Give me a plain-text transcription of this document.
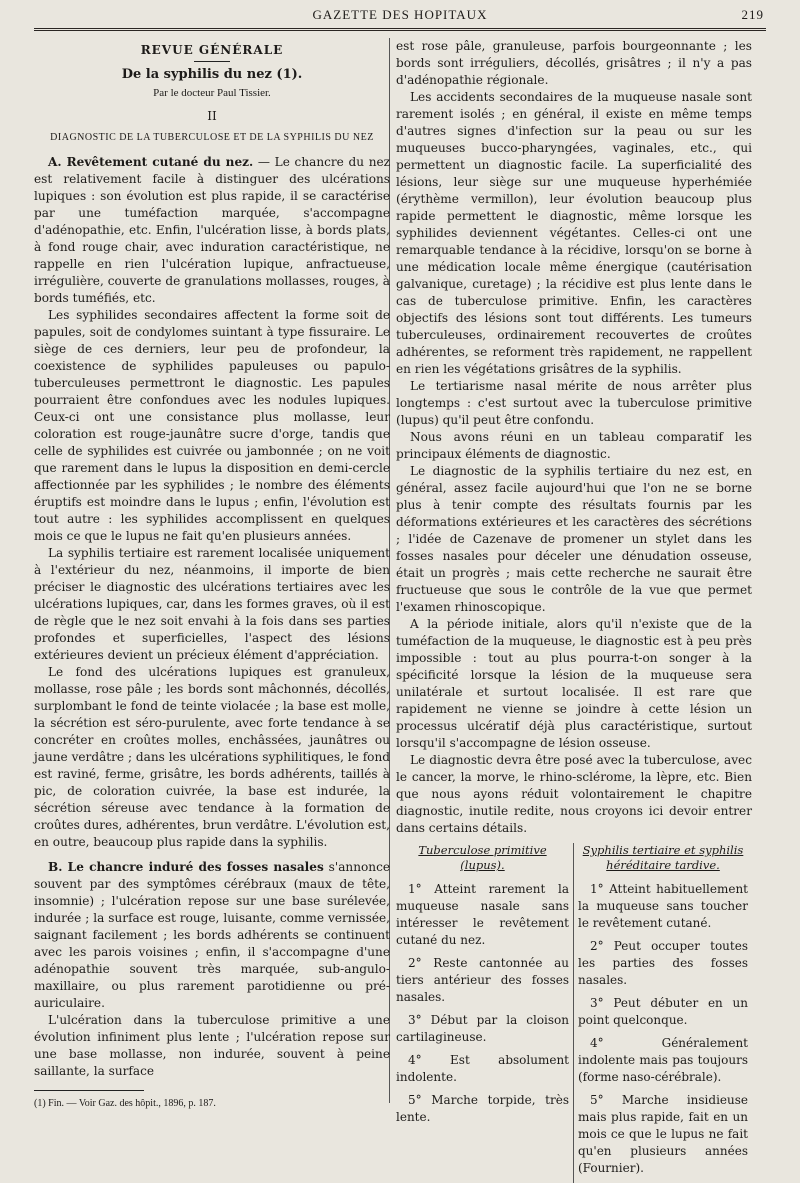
GAZETTE DES HOPITAUX	219
REVUE GÉNÉRALE
De la syphilis du nez (1).
Par le docteur Paul Tissier.
II
DIAGNOSTIC DE LA TUBERCULOSE ET DE LA SYPHILIS DU NEZ

A. Revêtement cutané du nez. — Le chancre du nez est relativement facile à distinguer des ulcérations lupiques : son évolution est plus rapide, il se caractérise par une tuméfaction marquée, s'accompagne d'adénopathie, etc. Enfin, l'ulcération lisse, à bords plats, à fond rouge chair, avec induration caractéristique, ne rappelle en rien l'ulcération lupique, anfractueuse, irrégulière, couverte de granulations mollasses, rouges, à bords tuméfiés, etc.

Les syphilides secondaires affectent la forme soit de papules, soit de condylomes suintant à type fissuraire. Le siège de ces derniers, leur peu de profondeur, la coexistence de syphilides papuleuses ou papulo-tuberculeuses permettront le diagnostic. Les papules pourraient être confondues avec les nodules lupiques. Ceux-ci ont une consistance plus mollasse, leur coloration est rouge-jaunâtre sucre d'orge, tandis que celle de syphilides est cuivrée ou jambonnée ; on ne voit que rarement dans le lupus la disposition en demi-cercle affectionnée par les syphilides ; le nombre des éléments éruptifs est moindre dans le lupus ; enfin, l'évolution est tout autre : les syphilides accomplissent en quelques mois ce que le lupus ne fait qu'en plusieurs années.

La syphilis tertiaire est rarement localisée uniquement à l'extérieur du nez, néanmoins, il importe de bien préciser le diagnostic des ulcérations tertiaires avec les ulcérations lupiques, car, dans les formes graves, où il est de règle que le nez soit envahi à la fois dans ses parties profondes et superficielles, l'aspect des lésions extérieures devient un précieux élément d'appréciation.

Le fond des ulcérations lupiques est granuleux, mollasse, rose pâle ; les bords sont mâchonnés, décollés, surplombant le fond de teinte violacée ; la base est molle, la sécrétion est séro-purulente, avec forte tendance à se concréter en croûtes molles, enchâssées, jaunâtres ou jaune verdâtre ; dans les ulcérations syphilitiques, le fond est raviné, ferme, grisâtre, les bords adhérents, taillés à pic, de coloration cuivrée, la base est indurée, la sécrétion séreuse avec tendance à la formation de croûtes dures, adhérentes, brun verdâtre. L'évolution est, en outre, beaucoup plus rapide dans la syphilis.

B. Le chancre induré des fosses nasales s'annonce souvent par des symptômes cérébraux (maux de tête, insomnie) ; l'ulcération repose sur une base surélevée, indurée ; la surface est rouge, luisante, comme vernissée, saignant facilement ; les bords adhérents se continuent avec les parois voisines ; enfin, il s'accompagne d'une adénopathie souvent très marquée, sub-angulo-maxillaire, ou plus rarement parotidienne ou pré-auriculaire.

L'ulcération dans la tuberculose primitive a une évolution infiniment plus lente ; l'ulcération repose sur une base mollasse, non indurée, souvent à peine saillante, la surface

(1) Fin. — Voir Gaz. des hôpit., 1896, p. 187.

est rose pâle, granuleuse, parfois bourgeonnante ; les bords sont irréguliers, décollés, grisâtres ; il n'y a pas d'adénopathie régionale.

Les accidents secondaires de la muqueuse nasale sont rarement isolés ; en général, il existe en même temps d'autres signes d'infection sur la peau ou sur les muqueuses bucco-pharyngées, vaginales, etc., qui permettent un diagnostic facile. La superficialité des lésions, leur siège sur une muqueuse hyperhémiée (érythème vermillon), leur évolution beaucoup plus rapide permettent le diagnostic, même lorsque les syphilides deviennent végétantes. Celles-ci ont une remarquable tendance à la récidive, lorsqu'on se borne à une médication locale même énergique (cautérisation galvanique, curetage) ; la récidive est plus lente dans le cas de tuberculose primitive. Enfin, les caractères objectifs des lésions sont tout différents. Les tumeurs tuberculeuses, ordinairement recouvertes de croûtes adhérentes, se reforment très rapidement, ne rappellent en rien les végétations grisâtres de la syphilis.

Le tertiarisme nasal mérite de nous arrêter plus longtemps : c'est surtout avec la tuberculose primitive (lupus) qu'il peut être confondu.

Nous avons réuni en un tableau comparatif les principaux éléments de diagnostic.

Le diagnostic de la syphilis tertiaire du nez est, en général, assez facile aujourd'hui que l'on ne se borne plus à tenir compte des résultats fournis par les déformations extérieures et les caractères des sécrétions ; l'idée de Cazenave de promener un stylet dans les fosses nasales pour déceler une dénudation osseuse, était un progrès ; mais cette recherche ne saurait être fructueuse que sous le contrôle de la vue que permet l'examen rhinoscopique.

A la période initiale, alors qu'il n'existe que de la tuméfaction de la muqueuse, le diagnostic est à peu près impossible : tout au plus pourra-t-on songer à la spécificité lorsque la lésion de la muqueuse sera unilatérale et surtout localisée. Il est rare que rapidement ne vienne se joindre à cette lésion un processus ulcératif déjà plus caractéristique, surtout lorsqu'il s'accompagne de lésion osseuse.

Le diagnostic devra être posé avec la tuberculose, avec le cancer, la morve, le rhino-sclérome, la lèpre, etc. Bien que nous ayons réduit volontairement le chapitre diagnostic, inutile redite, nous croyons ici devoir entrer dans certains détails.

Tuberculose primitive
(lupus).
1° Atteint rarement la muqueuse nasale sans intéresser le revêtement cutané du nez.
2° Reste cantonnée au tiers antérieur des fosses nasales.
3° Début par la cloison cartilagineuse.
4° Est absolument indolente.
5° Marche torpide, très lente.
Syphilis tertiaire et syphilis
héréditaire tardive.
1° Atteint habituellement la muqueuse sans toucher le revêtement cutané.
2° Peut occuper toutes les parties des fosses nasales.
3° Peut débuter en un point quelconque.
4° Généralement indolente mais pas toujours (forme naso-cérébrale).
5° Marche insidieuse mais plus rapide, fait en un mois ce que le lupus ne fait qu'en plusieurs années (Fournier).
